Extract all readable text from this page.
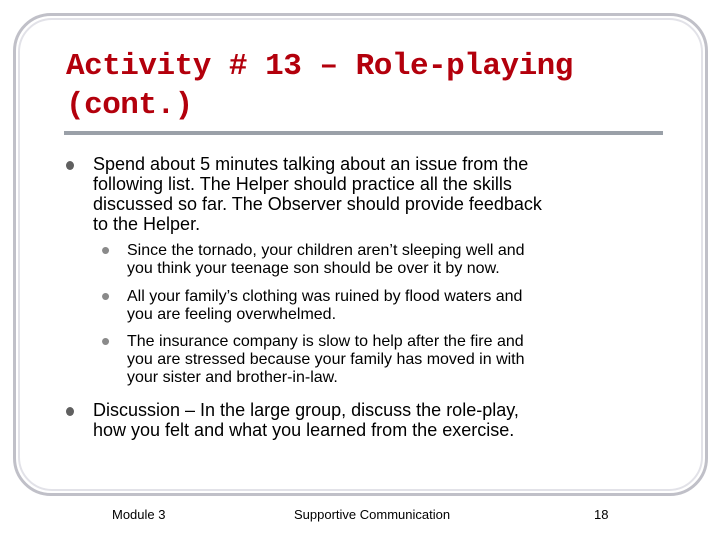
Activity # 13 – Role-playing
(cont.)
Spend about 5 minutes talking about an issue from the
following list. The Helper should practice all the skills
discussed so far. The Observer should provide feedback
to the Helper.
• Since the tornado, your children aren’t sleeping well and
you think your teenage son should be over it by now.
• All your family’s clothing was ruined by flood waters and
you are feeling overwhelmed.
• The insurance company is slow to help after the fire and
you are stressed because your family has moved in with
your sister and brother-in-law.
Discussion – In the large group, discuss the role-play,
how you felt and what you learned from the exercise.
Module 3	Supportive Communication	18
